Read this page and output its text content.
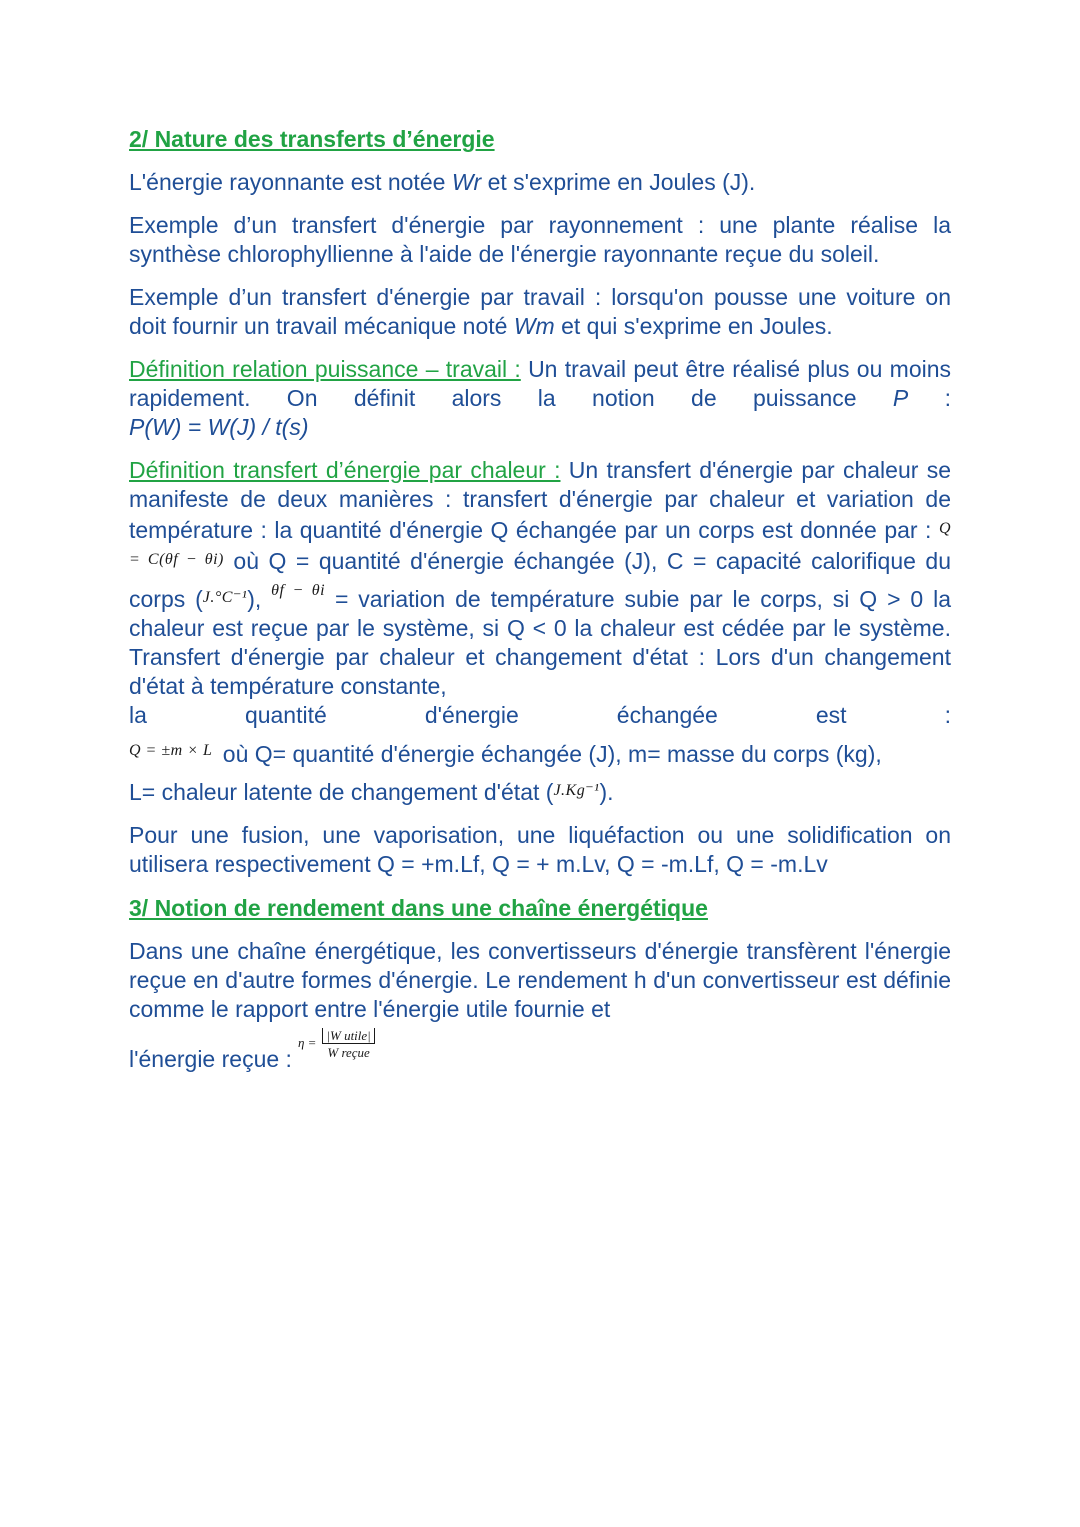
2/ Nature des transferts d’énergie

L'énergie rayonnante est notée Wr et s'exprime en Joules (J).

Exemple d’un transfert d'énergie par rayonnement : une plante réalise la synthèse chlorophyllienne à l'aide de l'énergie rayonnante reçue du soleil.

Exemple d’un transfert d'énergie par travail : lorsqu'on pousse une voiture on doit fournir un travail mécanique noté Wm et qui s'exprime en Joules.

Définition relation puissance – travail : Un travail peut être réalisé plus ou moins rapidement. On définit alors la notion de puissance P :

P(W) = W(J) / t(s)

Définition transfert d’énergie par chaleur : Un transfert d'énergie par chaleur se manifeste de deux manières : transfert d'énergie par chaleur et variation de température : la quantité d'énergie Q échangée par un corps est donnée par : $^{Q = C(\theta f - \theta i)}$ où Q = quantité d'énergie échangée (J), C = capacité calorifique du corps ($^{J.^\circ C^{-1}}$), $^{\theta f - \theta i}$ = variation de température subie par le corps, si Q > 0 la chaleur est reçue par le système, si Q < 0 la chaleur est cédée par le système. Transfert d'énergie par chaleur et changement d'état : Lors d'un changement d'état à température constante,

la	quantité	d'énergie	échangée	est	:

$^{Q = \pm m \times L}$ où Q= quantité d'énergie échangée (J), m= masse du corps (kg),

L= chaleur latente de changement d'état ($^{J.Kg^{-1}}$).

Pour une fusion, une vaporisation, une liquéfaction ou une solidification on utilisera respectivement Q = +m.Lf, Q = + m.Lv, Q = -m.Lf, Q = -m.Lv

3/ Notion de rendement dans une chaîne énergétique

Dans une chaîne énergétique, les convertisseurs d'énergie transfèrent l'énergie reçue en d'autre formes d'énergie. Le rendement h d'un convertisseur est définie comme le rapport entre l'énergie utile fournie et

l'énergie reçue :$^{\eta =}$ $\frac{\text{|W utile|}}{\text{W reçue}}$
